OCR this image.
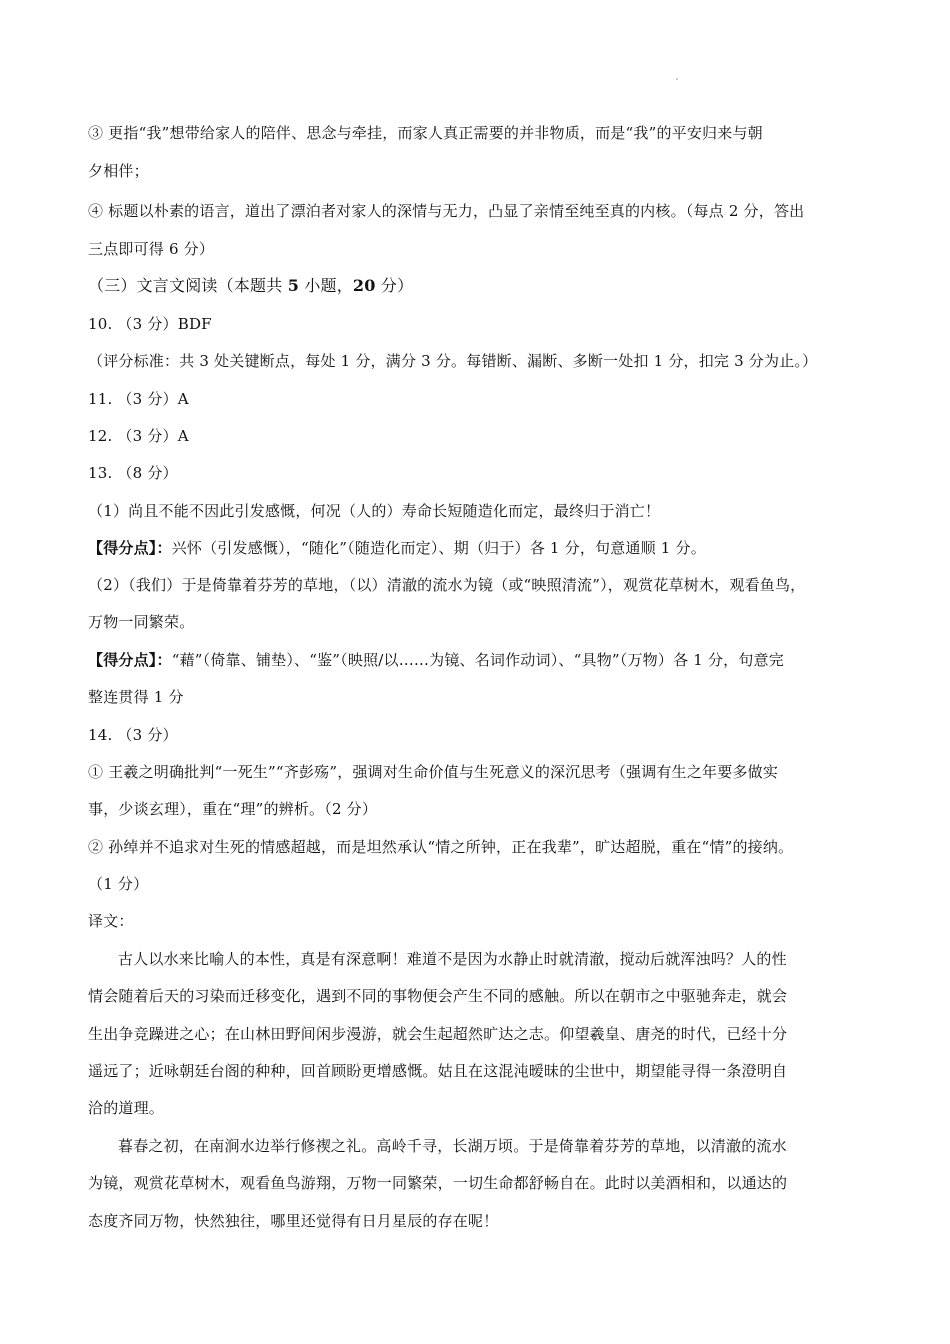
③ 更指“我”想带给家人的陪伴、思念与牵挂，而家人真正需要的并非物质，而是“我”的平安归来与朝
夕相伴；
④ 标题以朴素的语言，道出了漂泊者对家人的深情与无力，凸显了亲情至纯至真的内核。（每点 2 分，答出
三点即可得 6 分）
（三）文言文阅读（本题共 5 小题，20 分）
10. （3 分）BDF
（评分标准：共 3 处关键断点，每处 1 分，满分 3 分。每错断、漏断、多断一处扣 1 分，扣完 3 分为止。）
11. （3 分）A
12. （3 分）A
13. （8 分）
（1）尚且不能不因此引发感慨，何况（人的）寿命长短随造化而定，最终归于消亡！
【得分点】：兴怀（引发感慨），“随化”（随造化而定）、期（归于）各 1 分，句意通顺 1 分。
（2）（我们）于是倚靠着芬芳的草地，（以）清澈的流水为镜（或“映照清流”），观赏花草树木，观看鱼鸟，
万物一同繁荣。
【得分点】：“藉”（倚靠、铺垫）、“鉴”（映照/以……为镜、名词作动词）、“具物”（万物）各 1 分，句意完
整连贯得 1 分
14. （3 分）
① 王羲之明确批判“一死生”“齐彭殇”，强调对生命价值与生死意义的深沉思考（强调有生之年要多做实
事，少谈玄理），重在“理”的辨析。（2 分）
② 孙绰并不追求对生死的情感超越，而是坦然承认“情之所钟，正在我辈”，旷达超脱，重在“情”的接纳。
（1 分）
译文：
古人以水来比喻人的本性，真是有深意啊！难道不是因为水静止时就清澈，搅动后就浑浊吗？人的性
情会随着后天的习染而迁移变化，遇到不同的事物便会产生不同的感触。所以在朝市之中驱驰奔走，就会
生出争竞躁进之心；在山林田野间闲步漫游，就会生起超然旷达之志。仰望羲皇、唐尧的时代，已经十分
遥远了；近咏朝廷台阁的种种，回首顾盼更增感慨。姑且在这混沌暧昧的尘世中，期望能寻得一条澄明自
洽的道理。
暮春之初，在南涧水边举行修禊之礼。高岭千寻，长湖万顷。于是倚靠着芬芳的草地，以清澈的流水
为镜，观赏花草树木，观看鱼鸟游翔，万物一同繁荣，一切生命都舒畅自在。此时以美酒相和，以通达的
态度齐同万物，快然独往，哪里还觉得有日月星辰的存在呢！
